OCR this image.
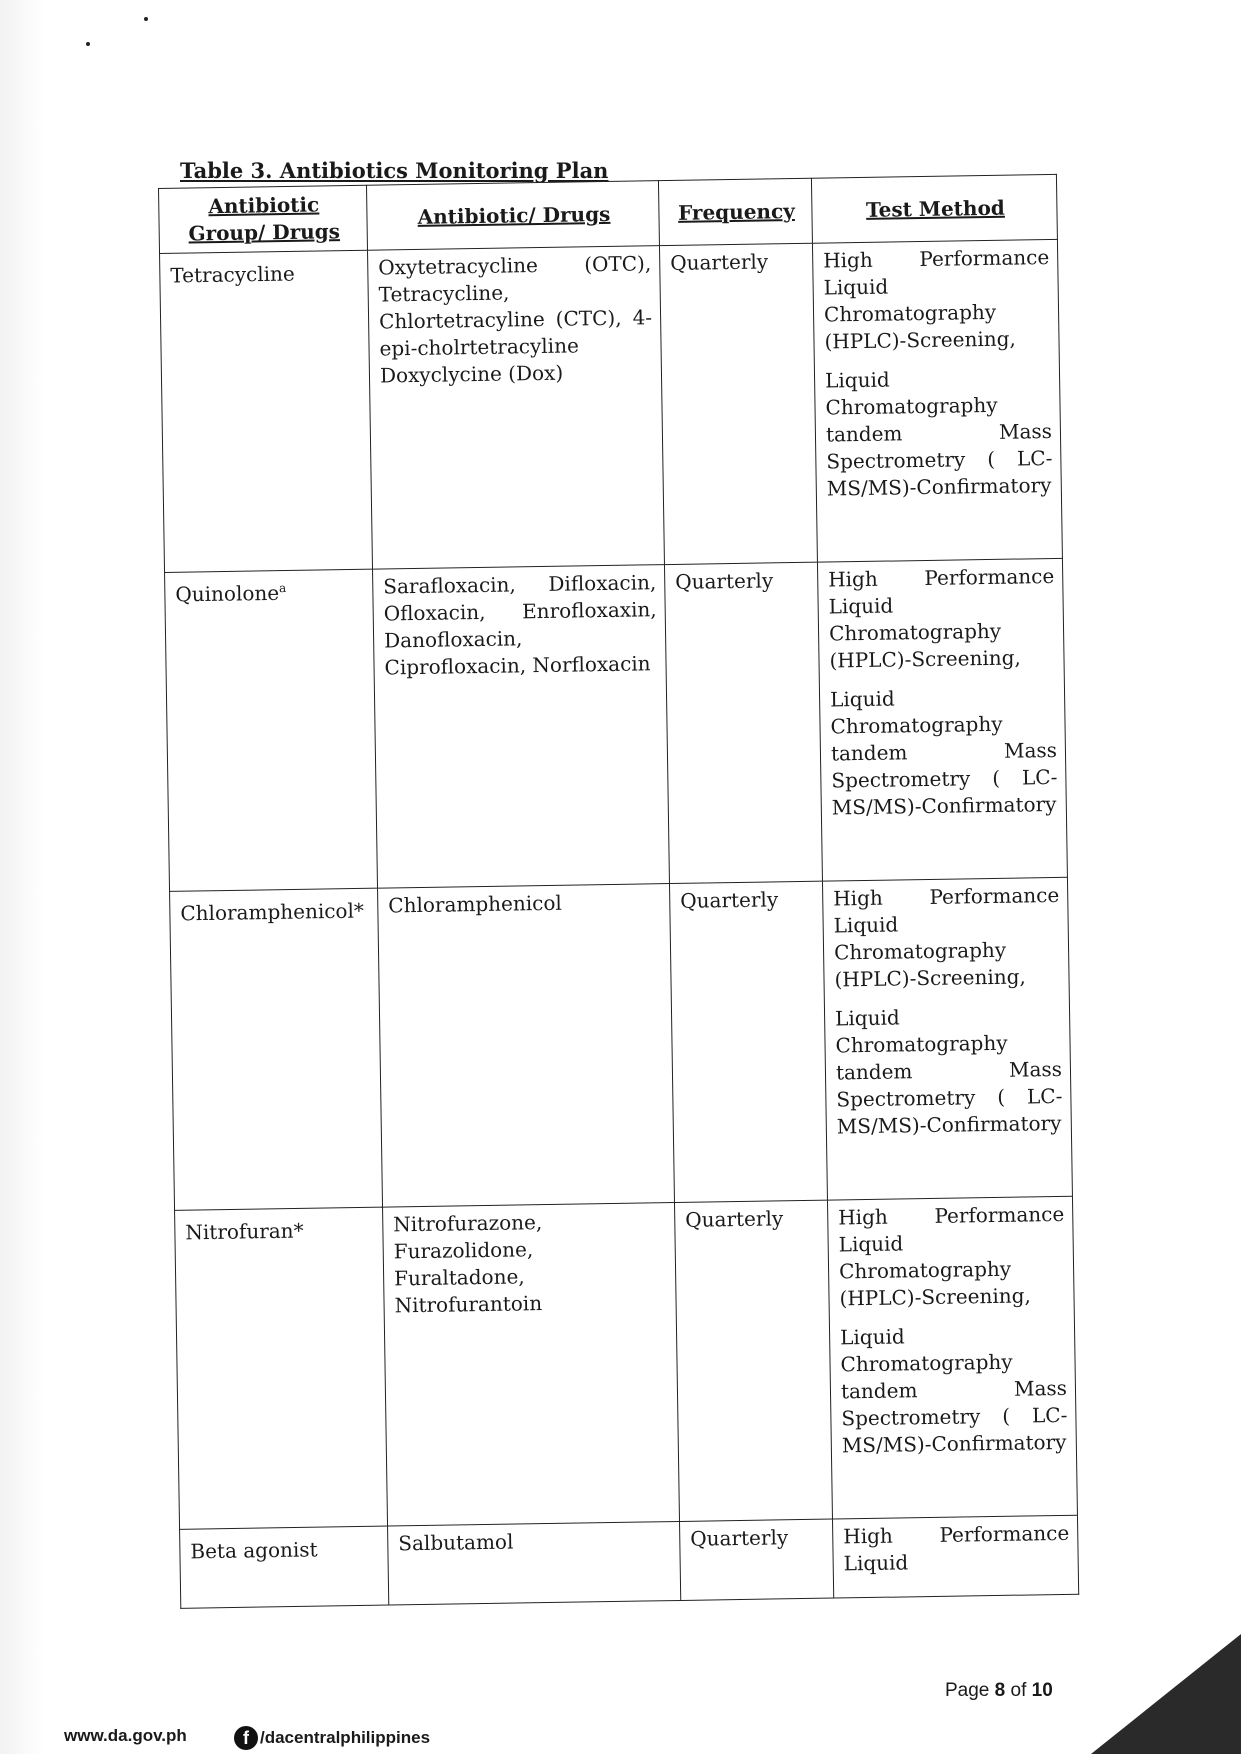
Table 3. Antibiotics Monitoring Plan
Antibiotic Group/ Drugs	Antibiotic/ Drugs	Frequency	Test Method
Tetracycline	Oxytetracycline (OTC), Tetracycline, Chlortetracyline (CTC), 4-epi-cholrtetracyline Doxyclycine (Dox)	Quarterly	High Performance Liquid Chromatography (HPLC)-Screening,

Liquid Chromatography tandem Mass Spectrometry ( LC-MS/MS)-Confirmatory

Quinolone$^a$	Sarafloxacin, Difloxacin, Ofloxacin, Enrofloxaxin, Danofloxacin, Ciprofloxacin, Norfloxacin	Quarterly	High Performance Liquid Chromatography (HPLC)-Screening,

Liquid Chromatography tandem Mass Spectrometry ( LC-MS/MS)-Confirmatory

Chloramphenicol*	Chloramphenicol	Quarterly	High Performance Liquid Chromatography (HPLC)-Screening,

Liquid Chromatography tandem Mass Spectrometry ( LC-MS/MS)-Confirmatory

Nitrofuran*	Nitrofurazone, Furazolidone, Furaltadone, Nitrofurantoin	Quarterly	High Performance Liquid Chromatography (HPLC)-Screening,

Liquid Chromatography tandem Mass Spectrometry ( LC-MS/MS)-Confirmatory

Beta agonist	Salbutamol	Quarterly	High Performance Liquid

Page 8 of 10
www.da.gov.ph	f /dacentralphilippines
